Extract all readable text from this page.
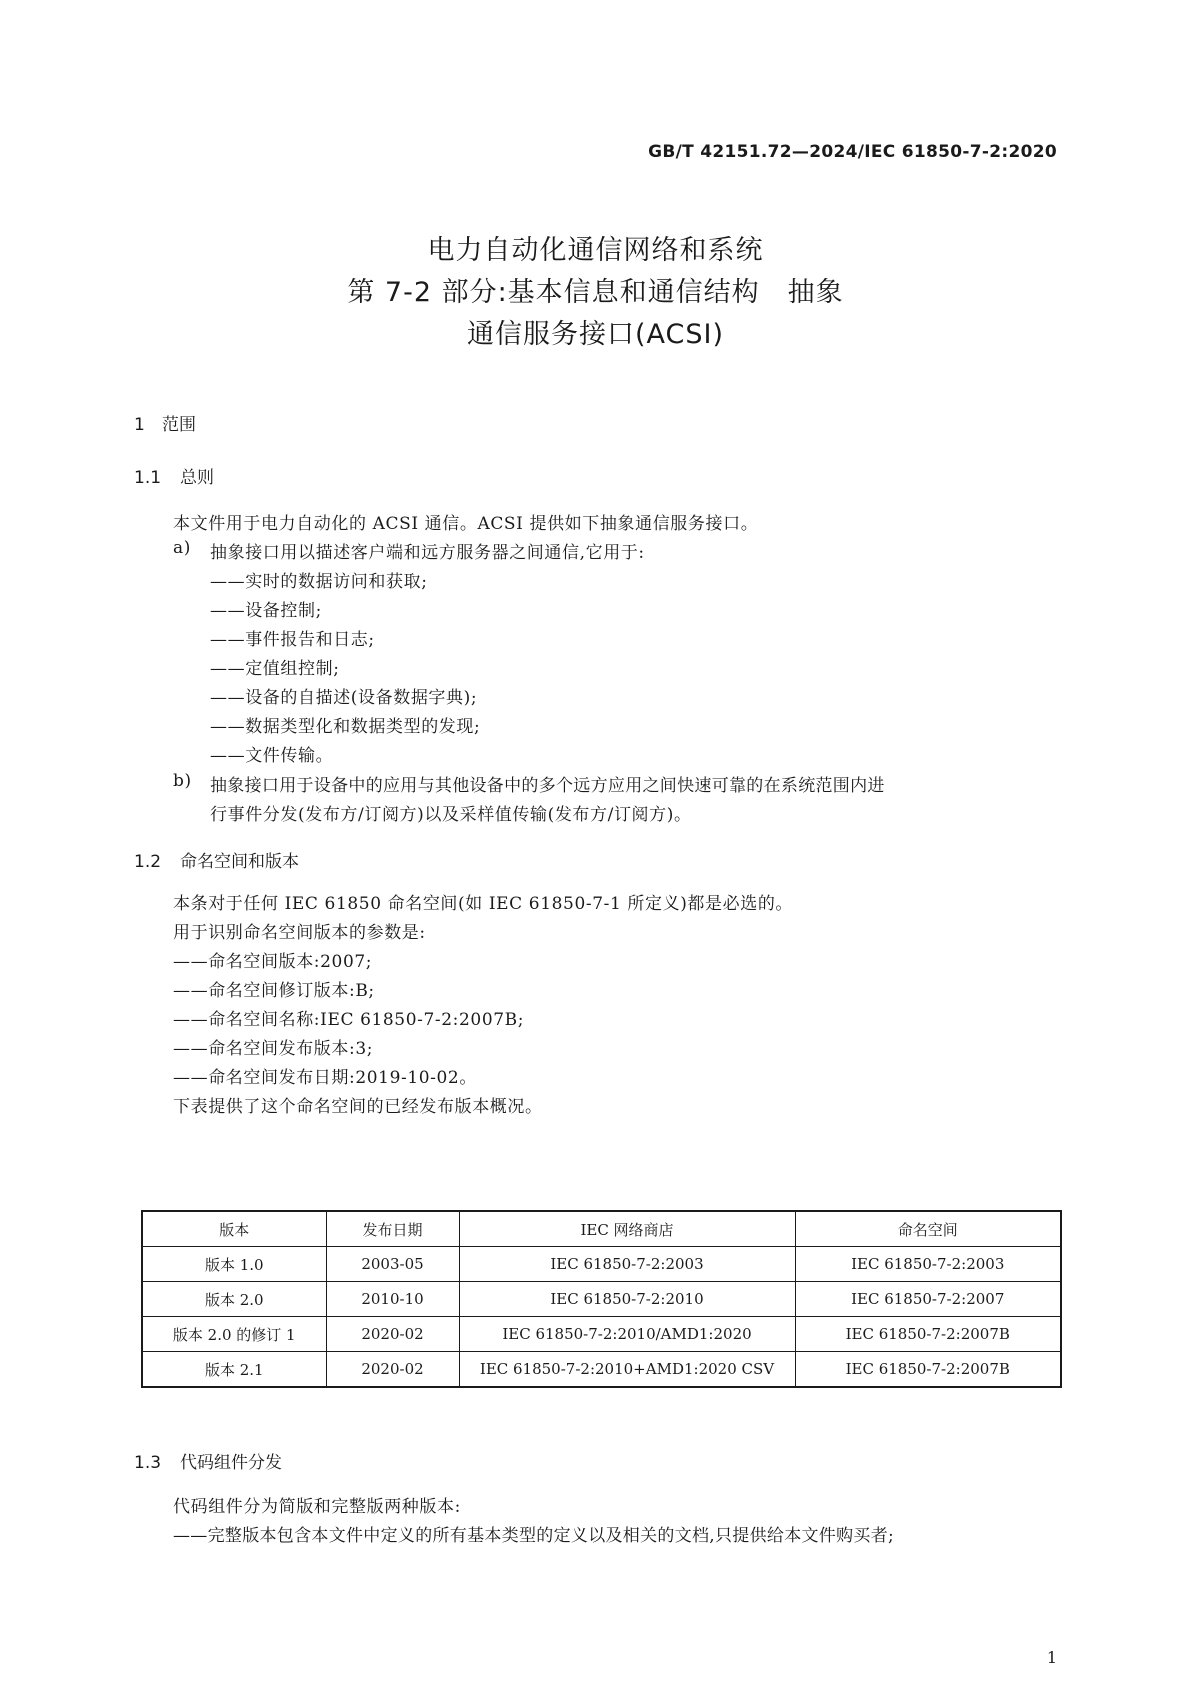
GB/T 42151.72—2024/IEC 61850-7-2:2020
电力自动化通信网络和系统
第 7-2 部分:基本信息和通信结构　抽象
通信服务接口(ACSI)
1 范围
1.1 总则
本文件用于电力自动化的 ACSI 通信。ACSI 提供如下抽象通信服务接口。
a) 抽象接口用以描述客户端和远方服务器之间通信,它用于:
——实时的数据访问和获取;
——设备控制;
——事件报告和日志;
——定值组控制;
——设备的自描述(设备数据字典);
——数据类型化和数据类型的发现;
——文件传输。
b) 抽象接口用于设备中的应用与其他设备中的多个远方应用之间快速可靠的在系统范围内进
行事件分发(发布方/订阅方)以及采样值传输(发布方/订阅方)。
1.2 命名空间和版本
本条对于任何 IEC 61850 命名空间(如 IEC 61850-7-1 所定义)都是必选的。
用于识别命名空间版本的参数是:
——命名空间版本:2007;
——命名空间修订版本:B;
——命名空间名称:IEC 61850-7-2:2007B;
——命名空间发布版本:3;
——命名空间发布日期:2019-10-02。
下表提供了这个命名空间的已经发布版本概况。
版本	发布日期	IEC 网络商店	命名空间
版本 1.0	2003-05	IEC 61850-7-2:2003	IEC 61850-7-2:2003
版本 2.0	2010-10	IEC 61850-7-2:2010	IEC 61850-7-2:2007
版本 2.0 的修订 1	2020-02	IEC 61850-7-2:2010/AMD1:2020	IEC 61850-7-2:2007B
版本 2.1	2020-02	IEC 61850-7-2:2010+AMD1:2020 CSV	IEC 61850-7-2:2007B
1.3 代码组件分发
代码组件分为简版和完整版两种版本:
——完整版本包含本文件中定义的所有基本类型的定义以及相关的文档,只提供给本文件购买者;
1
